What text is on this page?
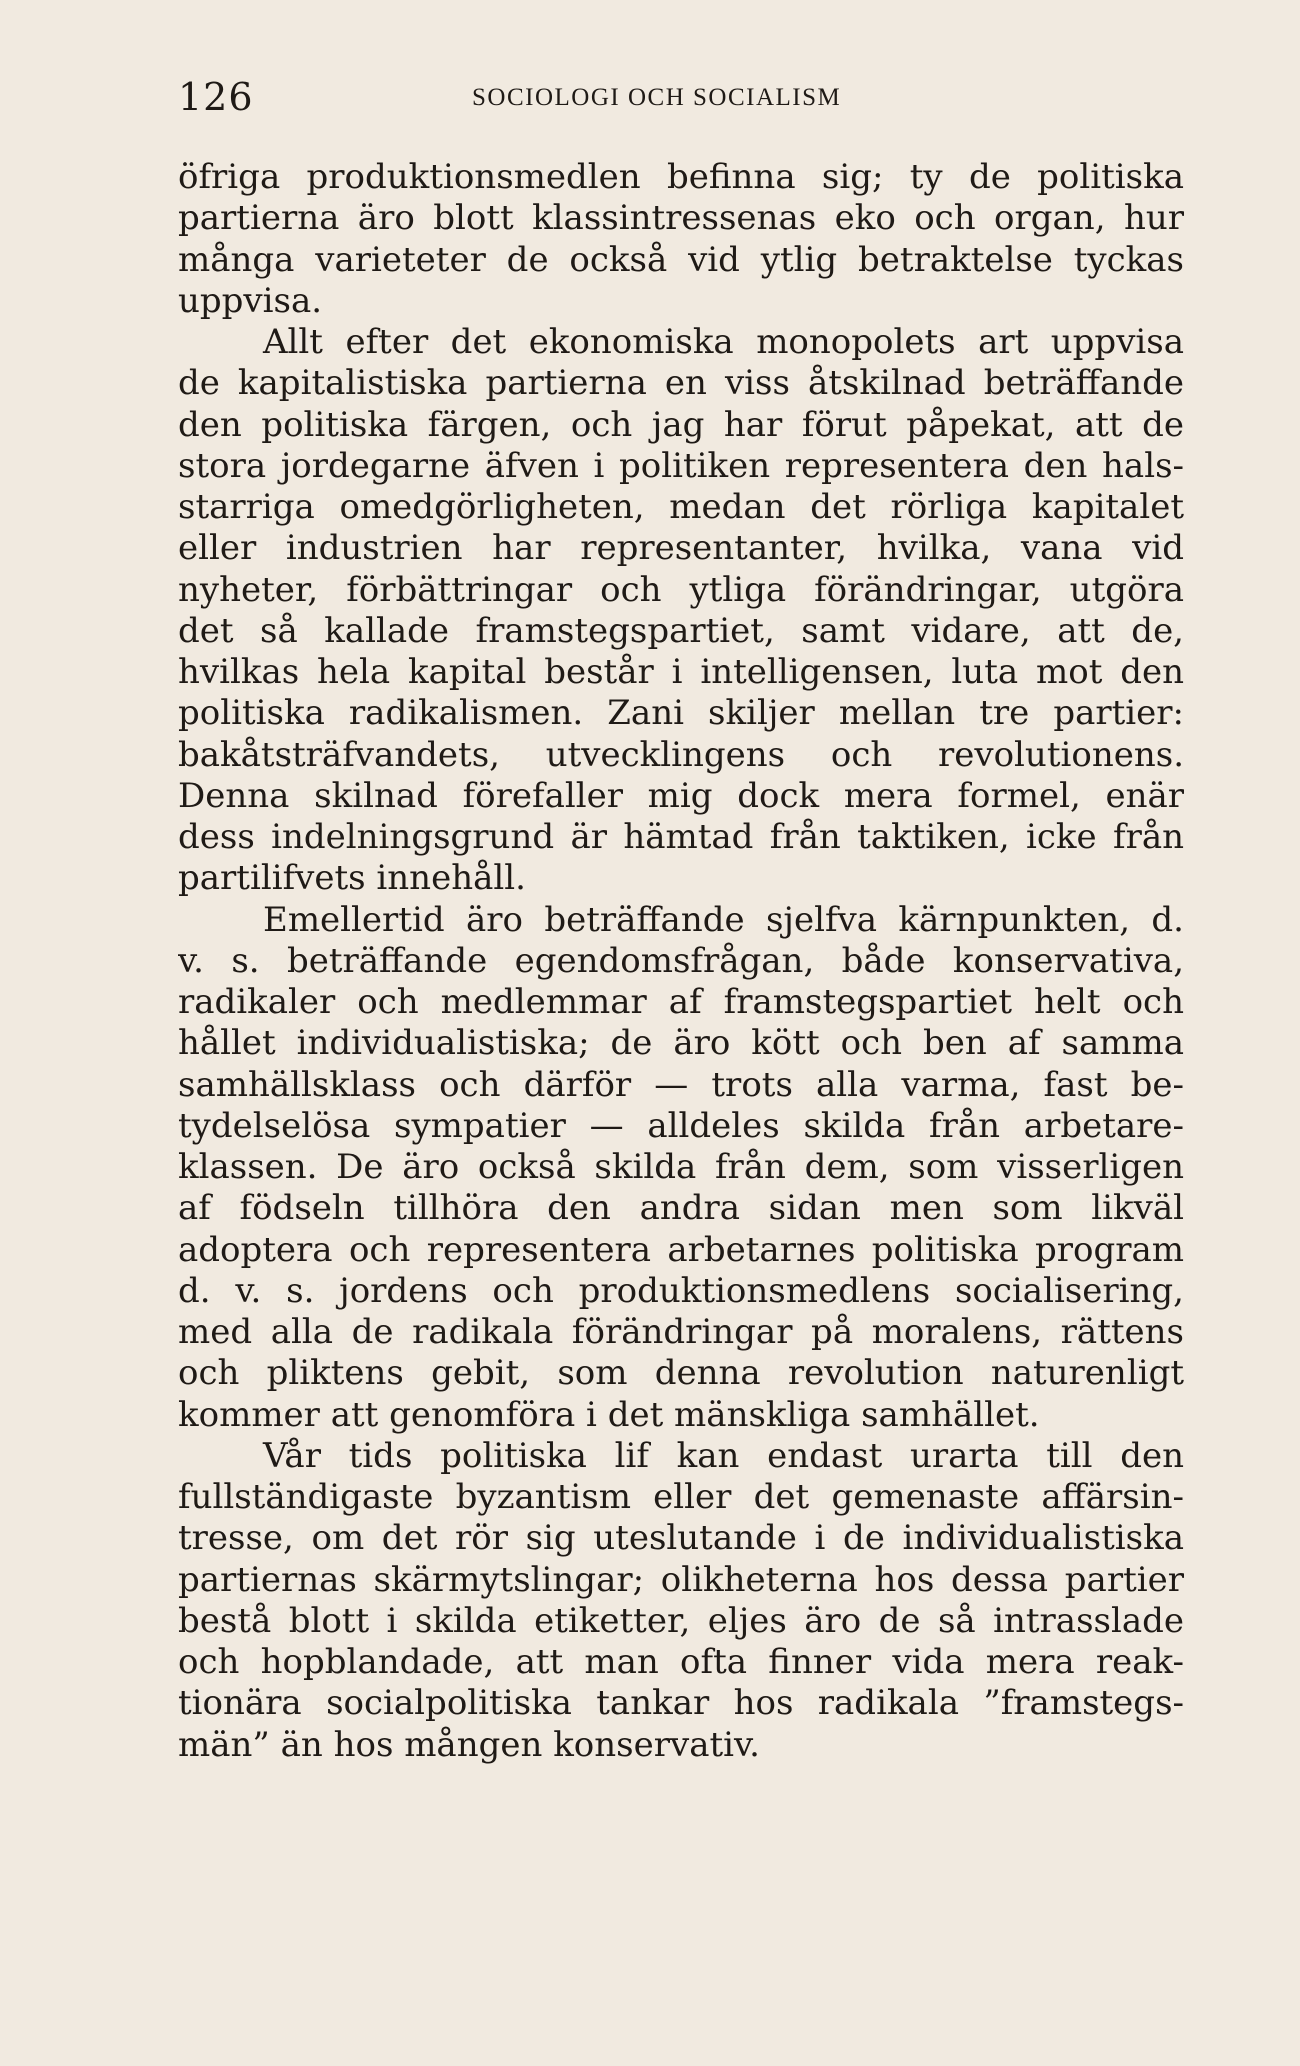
126	SOCIOLOGI OCH SOCIALISM
öfriga produktionsmedlen befinna sig; ty de politiska
partierna äro blott klassintressenas eko och organ, hur
många varieteter de också vid ytlig betraktelse tyckas
uppvisa.
Allt efter det ekonomiska monopolets art uppvisa
de kapitalistiska partierna en viss åtskilnad beträffande
den politiska färgen, och jag har förut påpekat, att de
stora jordegarne äfven i politiken representera den hals-
starriga omedgörligheten, medan det rörliga kapitalet
eller industrien har representanter, hvilka, vana vid
nyheter, förbättringar och ytliga förändringar, utgöra
det så kallade framstegspartiet, samt vidare, att de,
hvilkas hela kapital består i intelligensen, luta mot den
politiska radikalismen. Zani skiljer mellan tre partier:
bakåtsträfvandets, utvecklingens och revolutionens.
Denna skilnad förefaller mig dock mera formel, enär
dess indelningsgrund är hämtad från taktiken, icke från
partilifvets innehåll.
Emellertid äro beträffande sjelfva kärnpunkten, d.
v. s. beträffande egendomsfrågan, både konservativa,
radikaler och medlemmar af framstegspartiet helt och
hållet individualistiska; de äro kött och ben af samma
samhällsklass och därför — trots alla varma, fast be-
tydelselösa sympatier — alldeles skilda från arbetare-
klassen. De äro också skilda från dem, som visserligen
af födseln tillhöra den andra sidan men som likväl
adoptera och representera arbetarnes politiska program
d. v. s. jordens och produktionsmedlens socialisering,
med alla de radikala förändringar på moralens, rättens
och pliktens gebit, som denna revolution naturenligt
kommer att genomföra i det mänskliga samhället.
Vår tids politiska lif kan endast urarta till den
fullständigaste byzantism eller det gemenaste affärsin-
tresse, om det rör sig uteslutande i de individualistiska
partiernas skärmytslingar; olikheterna hos dessa partier
bestå blott i skilda etiketter, eljes äro de så intrasslade
och hopblandade, att man ofta finner vida mera reak-
tionära socialpolitiska tankar hos radikala ”framstegs-
män” än hos mången konservativ.
